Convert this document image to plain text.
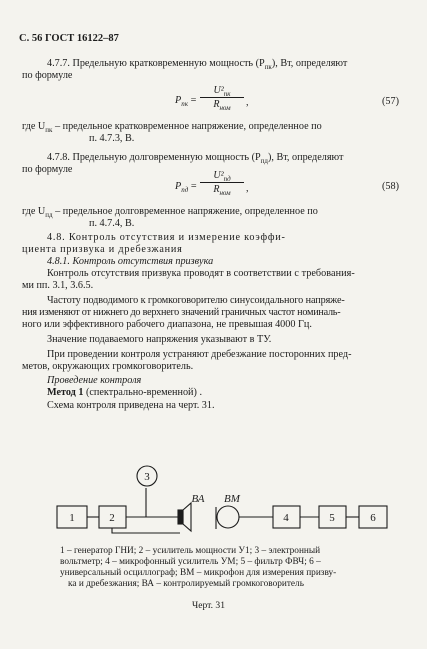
С. 56 ГОСТ 16122–87
4.7.7. Предельную кратковременную мощность $(P_{пк})$, Вт, определяют
по формуле
$P_{пк}$ =
$U^2_{пк}$
$R_{ном}$	,	(57)
где $U_{пк}$ – предельное кратковременное напряжение, определенное по
п. 4.7.3, В.
4.7.8. Предельную долговременную мощность $(P_{пд})$, Вт, определяют
по формуле
$P_{пд}$ =
$U^2_{пд}$
$R_{ном}$	,	(58)
где $U_{пд}$ – предельное долговременное напряжение, определенное по
п. 4.7.4, В.
4.8. Контроль отсутствия и измерение коэффи-
циента призвука и дребезжания
4.8.1. Контроль отсутствия призвука
Контроль отсутствия призвука проводят в соответствии с требования-
ми пп. 3.1, 3.6.5.
Частоту подводимого к громкоговорителю синусоидального напряже-
ния изменяют от нижнего до верхнего значений граничных частот номиналь-
ного или эффективного рабочего диапазона, не превышая 4000 Гц.
Значение подаваемого напряжения указывают в ТУ.
При проведении контроля устраняют дребезжание посторонних пред-
метов, окружающих громкоговоритель.
Проведение контроля
Метод 1 (спектрально-временной) .
Схема контроля приведена на черт. 31.
1	2
3
4	5	6
ВА ВМ
1 – генератор ГНИ; 2 – усилитель мощности У1; 3 – электронный
вольтметр; 4 – микрофонный усилитель УМ; 5 – фильтр ФВЧ; 6 –
универсальный осциллограф; ВМ – микрофон для измерения призву-
ка и дребезжания; ВА – контролируемый громкоговоритель
Черт. 31
